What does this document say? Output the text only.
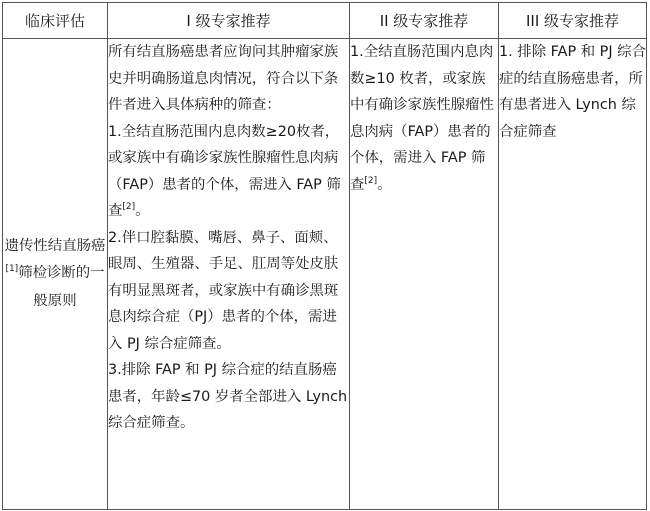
临床评估	I 级专家推荐	II 级专家推荐	III 级专家推荐
遗传性结直肠癌[1]筛检诊断的一般原则	所有结直肠癌患者应询问其肿瘤家族史并明确肠道息肉情况，符合以下条件者进入具体病种的筛查：

1.全结直肠范围内息肉数≥20枚者，或家族中有确诊家族性腺瘤性息肉病（FAP）患者的个体，需进入 FAP 筛查[2]。

2.伴口腔黏膜、嘴唇、鼻子、面颊、眼周、生殖器、手足、肛周等处皮肤有明显黑斑者，或家族中有确诊黑斑息肉综合症（PJ）患者的个体，需进入 PJ 综合症筛查。

3.排除 FAP 和 PJ 综合症的结直肠癌患者，年龄≤70 岁者全部进入 Lynch 综合症筛查。	1.全结直肠范围内息肉数≥10 枚者，或家族中有确诊家族性腺瘤性息肉病（FAP）患者的个体，需进入 FAP 筛查[2]。	1. 排除 FAP 和 PJ 综合症的结直肠癌患者，所有患者进入 Lynch 综合症筛查
